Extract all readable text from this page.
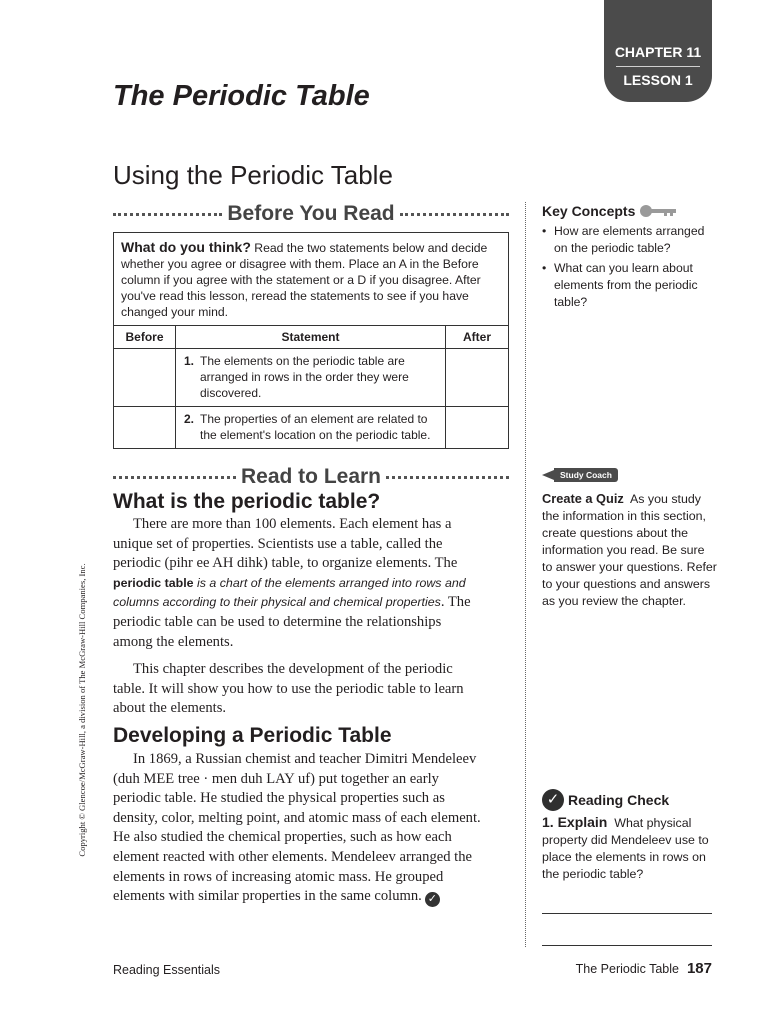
CHAPTER 11
LESSON 1
The Periodic Table
Using the Periodic Table
Before You Read
What do you think? Read the two statements below and decide whether you agree or disagree with them. Place an A in the Before column if you agree with the statement or a D if you disagree. After you've read this lesson, reread the statements to see if you have changed your mind.
Before	Statement	After

	1. The elements on the periodic table are arranged in rows in the order they were discovered.	

	2. The properties of an element are related to the element's location on the periodic table.	

Read to Learn
What is the periodic table?

There are more than 100 elements. Each element has a unique set of properties. Scientists use a table, called the periodic (pihr ee AH dihk) table, to organize elements. The periodic table is a chart of the elements arranged into rows and columns according to their physical and chemical properties. The periodic table can be used to determine the relationships among the elements.

This chapter describes the development of the periodic table. It will show you how to use the periodic table to learn about the elements.

Developing a Periodic Table

In 1869, a Russian chemist and teacher Dimitri Mendeleev (duh MEE tree · men duh LAY uf) put together an early periodic table. He studied the physical properties such as density, color, melting point, and atomic mass of each element. He also studied the chemical properties, such as how each element reacted with other elements. Mendeleev arranged the elements in rows of increasing atomic mass. He grouped elements with similar properties in the same column. ✓

Key Concepts
• How are elements arranged on the periodic table?
• What can you learn about elements from the periodic table?
Study Coach

Create a Quiz As you study the information in this section, create questions about the information you read. Be sure to answer your questions. Refer to your questions and answers as you review the chapter.

✓ Reading Check

1. Explain What physical property did Mendeleev use to place the elements in rows on the periodic table?

Copyright © Glencoe/McGraw-Hill, a division of The McGraw-Hill Companies, Inc.
Reading Essentials	The Periodic Table 187
